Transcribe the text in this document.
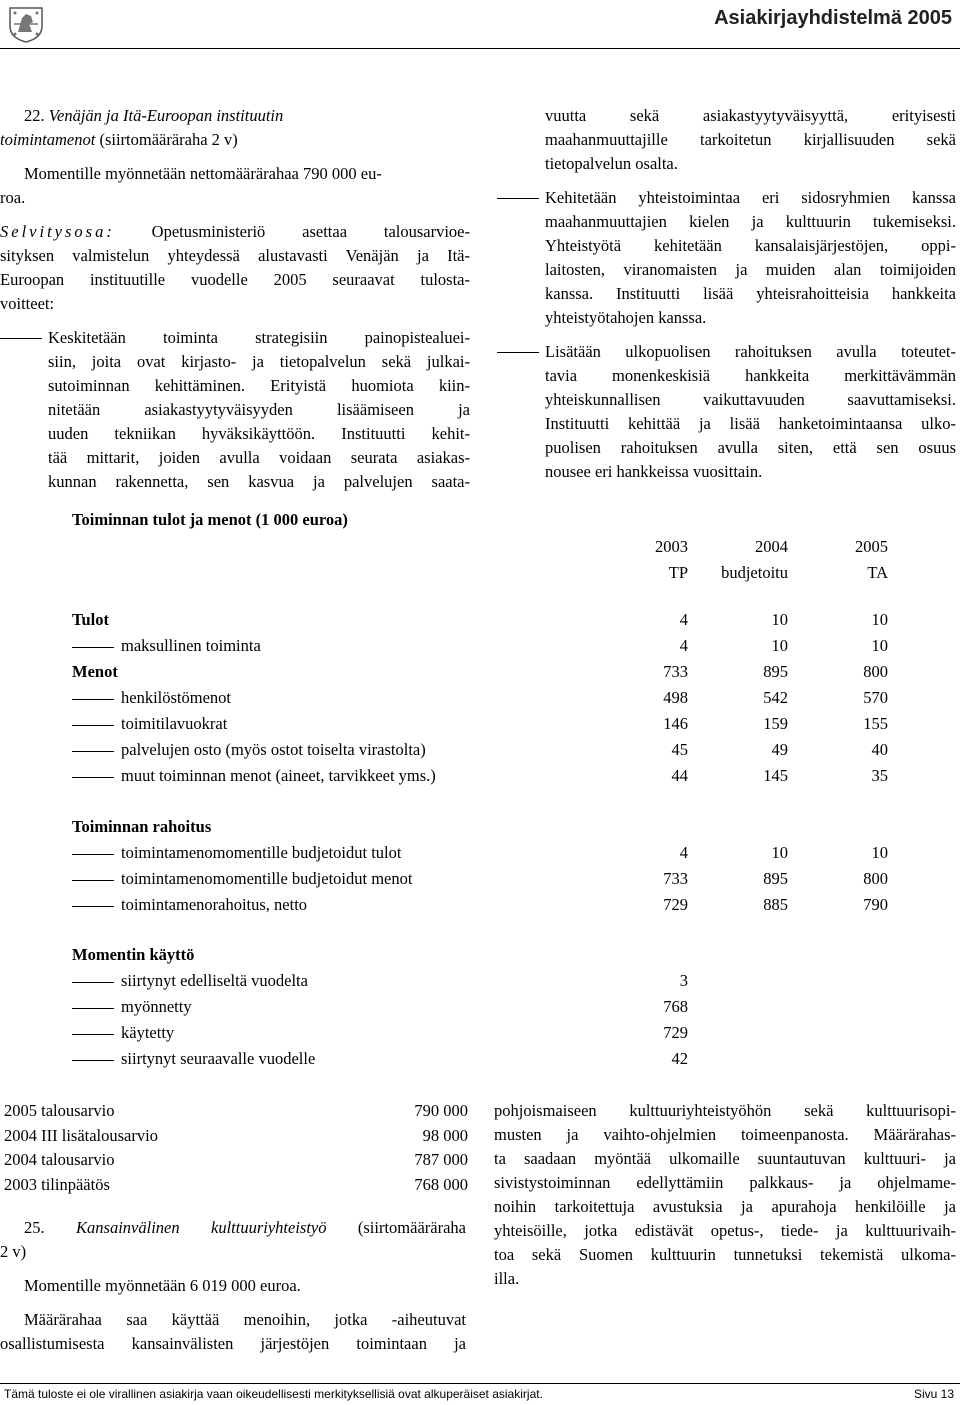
Asiakirjayhdistelmä 2005
22. Venäjän ja Itä-Euroopan instituutin
toimintamenot (siirtomääräraha 2 v)
Momentille myönnetään nettomäärärahaa 790 000 eu-
roa.
Selvitysosa: Opetusministeriö asettaa talousarvioe-
sityksen valmistelun yhteydessä alustavasti Venäjän ja Itä-
Euroopan instituutille vuodelle 2005 seuraavat tulosta-
voitteet:
Keskitetään toiminta strategisiin painopistealuei-
siin, joita ovat kirjasto- ja tietopalvelun sekä julkai-
sutoiminnan kehittäminen. Erityistä huomiota kiin-
nitetään asiakastyytyväisyyden lisäämiseen ja
uuden tekniikan hyväksikäyttöön. Instituutti kehit-
tää mittarit, joiden avulla voidaan seurata asiakas-
kunnan rakennetta, sen kasvua ja palvelujen saata-
vuutta sekä asiakastyytyväisyyttä, erityisesti
maahanmuuttajille tarkoitetun kirjallisuuden sekä
tietopalvelun osalta.
Kehitetään yhteistoimintaa eri sidosryhmien kanssa
maahanmuuttajien kielen ja kulttuurin tukemiseksi.
Yhteistyötä kehitetään kansalaisjärjestöjen, oppi-
laitosten, viranomaisten ja muiden alan toimijoiden
kanssa. Instituutti lisää yhteisrahoitteisia hankkeita
yhteistyötahojen kanssa.
Lisätään ulkopuolisen rahoituksen avulla toteutet-
tavia monenkeskisiä hankkeita merkittävämmän
yhteiskunnallisen vaikuttavuuden saavuttamiseksi.
Instituutti kehittää ja lisää hanketoimintaansa ulko-
puolisen rahoituksen avulla siten, että sen osuus
nousee eri hankkeissa vuosittain.
Toiminnan tulot ja menot (1 000 euroa)
	2003	2004	2005
	TP	budjetoitu	TA
Tulot	4	10	10
maksullinen toiminta	4	10	10
Menot	733	895	800
henkilöstömenot	498	542	570
toimitilavuokrat	146	159	155
palvelujen osto (myös ostot toiselta virastolta)	45	49	40
muut toiminnan menot (aineet, tarvikkeet yms.)	44	145	35
Toiminnan rahoitus
toimintamenomomentille budjetoidut tulot	4	10	10
toimintamenomomentille budjetoidut menot	733	895	800
toimintamenorahoitus, netto	729	885	790
Momentin käyttö
siirtynyt edelliseltä vuodelta	3		
myönnetty	768		
käytetty	729		
siirtynyt seuraavalle vuodelle	42		
2005 talousarvio	790 000
2004 III lisätalousarvio	98 000
2004 talousarvio	787 000
2003 tilinpäätös	768 000
25. Kansainvälinen kulttuuriyhteistyö (siirtomääräraha
2 v)
Momentille myönnetään 6 019 000 euroa.
Määrärahaa saa käyttää menoihin, jotka -aiheutuvat
osallistumisesta kansainvälisten järjestöjen toimintaan ja
pohjoismaiseen kulttuuriyhteistyöhön sekä kulttuurisopi-
musten ja vaihto-ohjelmien toimeenpanosta. Määrärahas-
ta saadaan myöntää ulkomaille suuntautuvan kulttuuri- ja
sivistystoiminnan edellyttämiin palkkaus- ja ohjelmame-
noihin tarkoitettuja avustuksia ja apurahoja henkilöille ja
yhteisöille, jotka edistävät opetus-, tiede- ja kulttuurivaih-
toa sekä Suomen kulttuurin tunnetuksi tekemistä ulkoma-
illa.
Tämä tuloste ei ole virallinen asiakirja vaan oikeudellisesti merkityksellisiä ovat alkuperäiset asiakirjat.	Sivu 13
